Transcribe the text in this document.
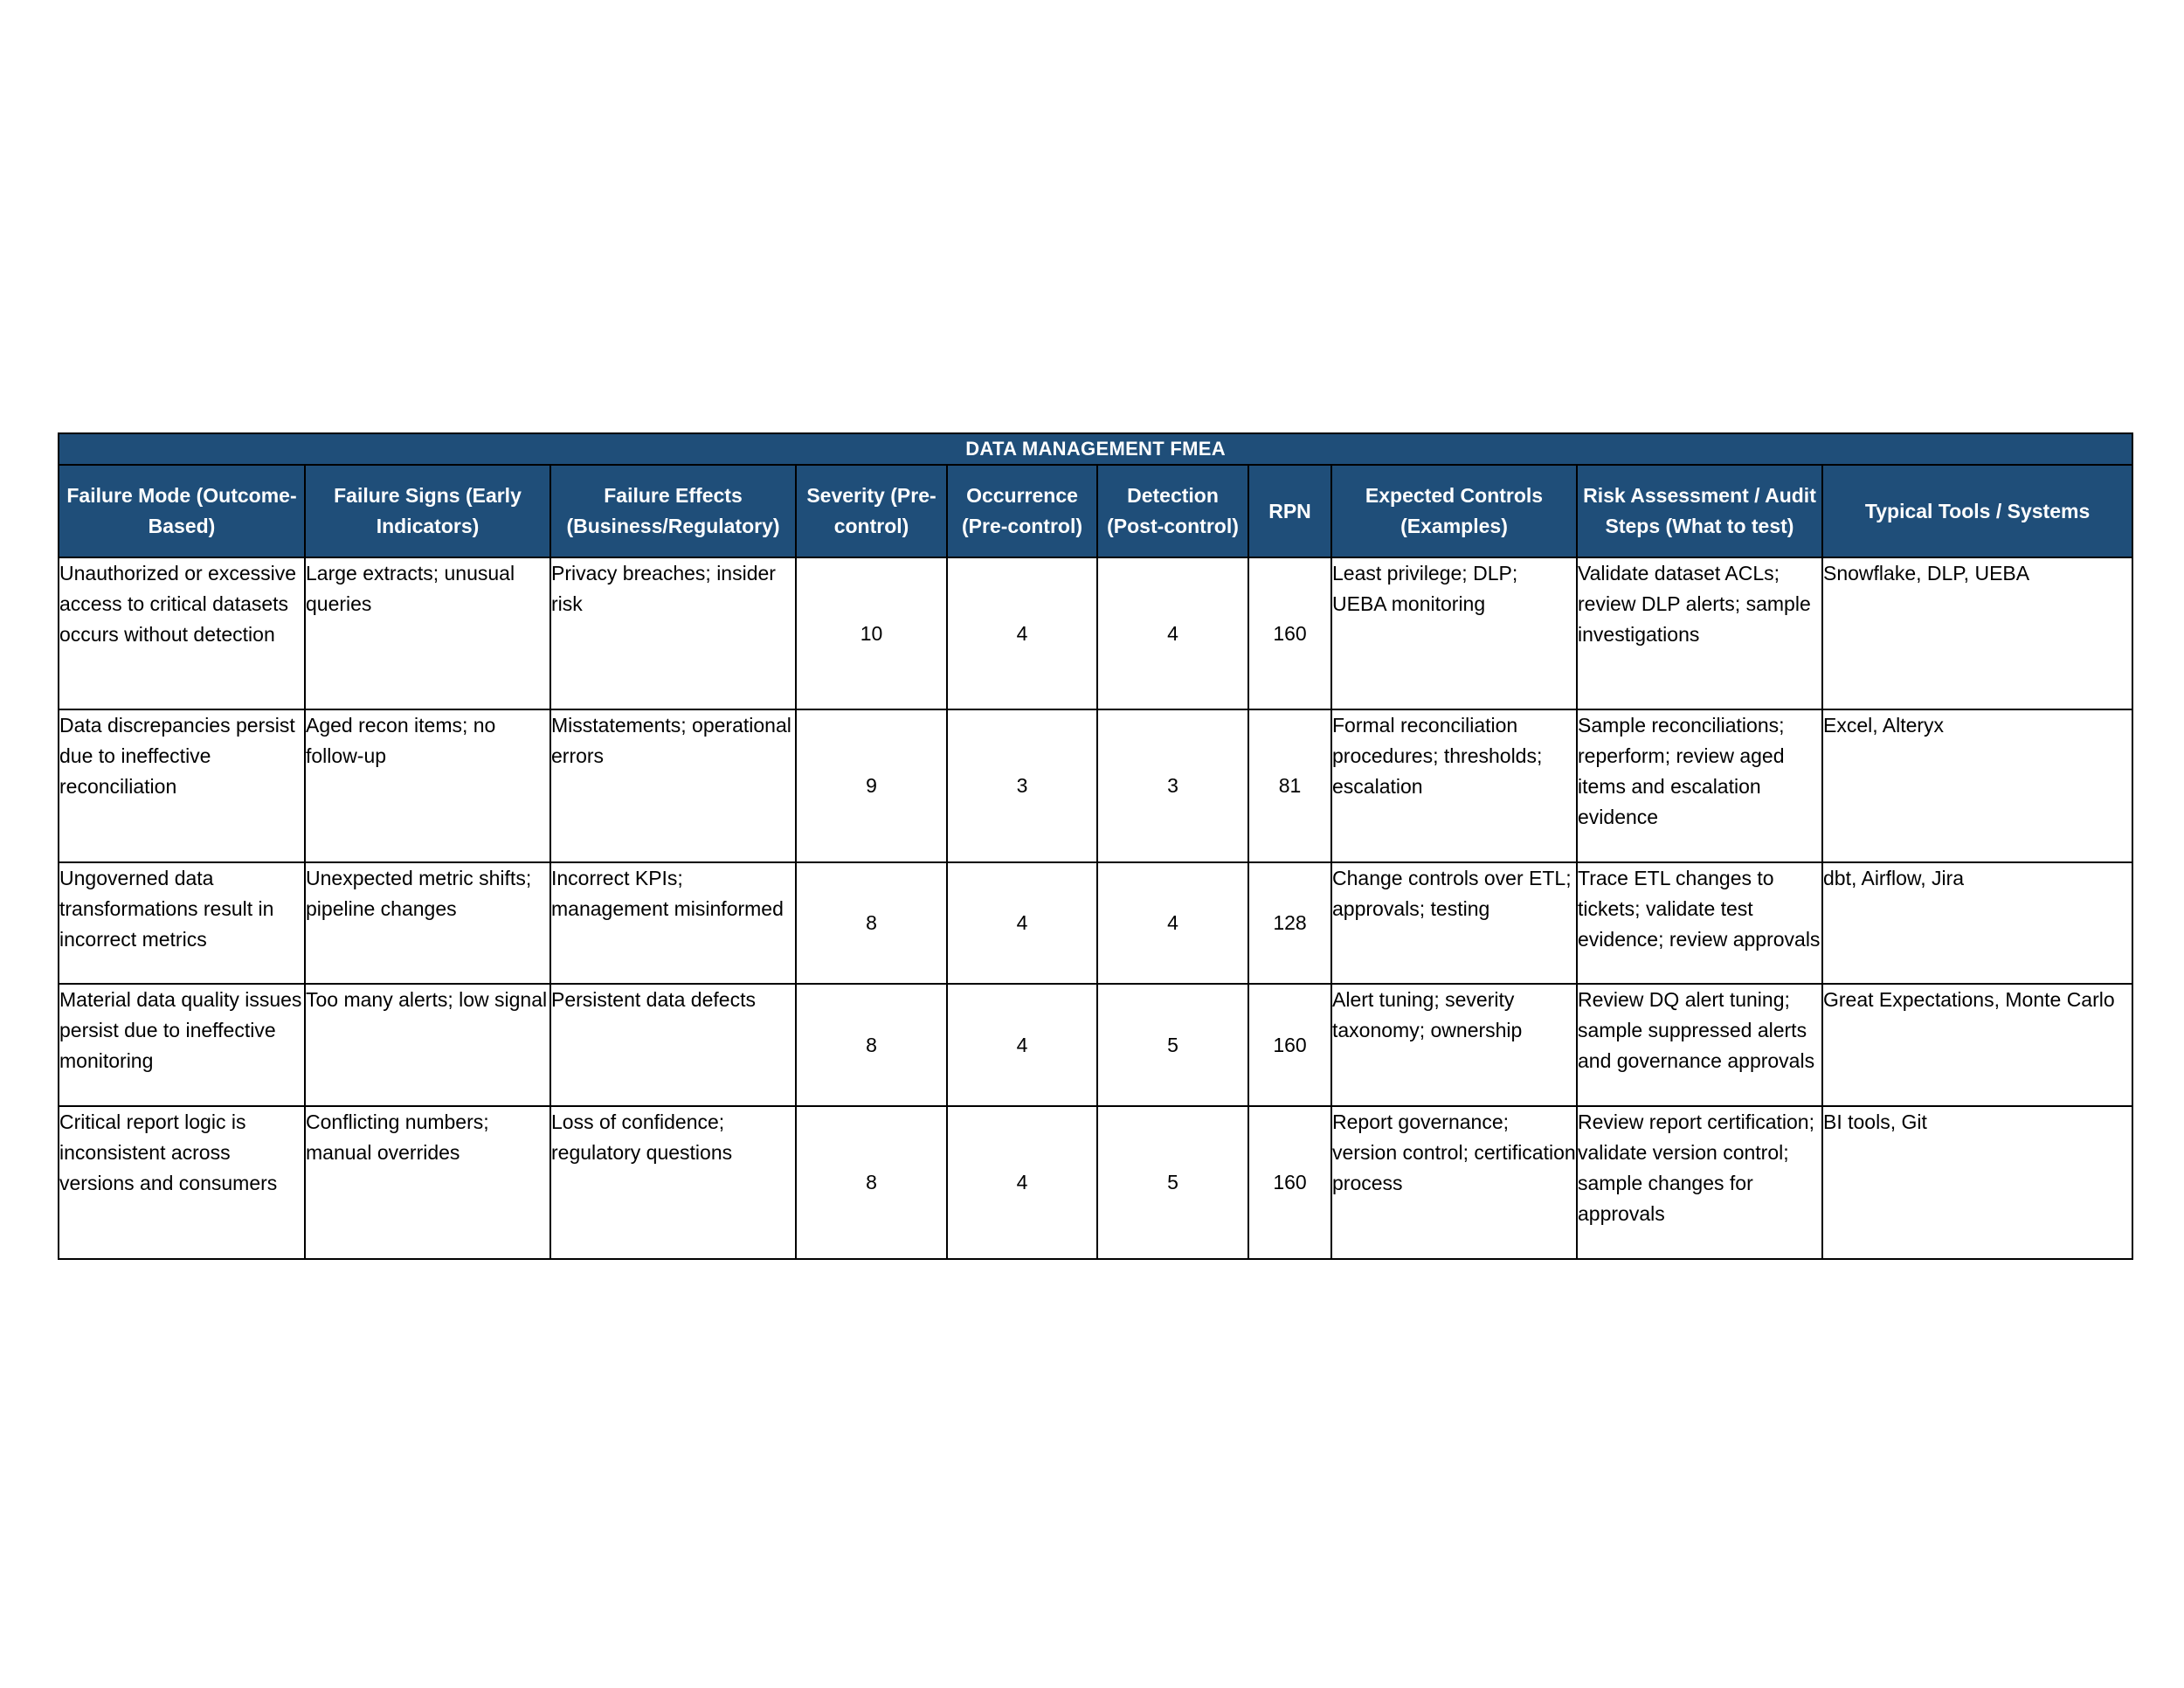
DATA MANAGEMENT FMEA									
Failure Mode (Outcome-Based)	Failure Signs (Early Indicators)	Failure Effects (Business/Regulatory)	Severity (Pre-control)	Occurrence (Pre-control)	Detection (Post-control)	RPN	Expected Controls (Examples)	Risk Assessment / Audit Steps (What to test)	Typical Tools / Systems
Unauthorized or excessive access to critical datasets occurs without detection	Large extracts; unusual queries	Privacy breaches; insider risk	10	4	4	160	Least privilege; DLP; UEBA monitoring	Validate dataset ACLs; review DLP alerts; sample investigations	Snowflake, DLP, UEBA
Data discrepancies persist due to ineffective reconciliation	Aged recon items; no follow-up	Misstatements; operational errors	9	3	3	81	Formal reconciliation procedures; thresholds; escalation	Sample reconciliations; reperform; review aged items and escalation evidence	Excel, Alteryx
Ungoverned data transformations result in incorrect metrics	Unexpected metric shifts; pipeline changes	Incorrect KPIs; management misinformed	8	4	4	128	Change controls over ETL; approvals; testing	Trace ETL changes to tickets; validate test evidence; review approvals	dbt, Airflow, Jira
Material data quality issues persist due to ineffective monitoring	Too many alerts; low signal	Persistent data defects	8	4	5	160	Alert tuning; severity taxonomy; ownership	Review DQ alert tuning; sample suppressed alerts and governance approvals	Great Expectations, Monte Carlo
Critical report logic is inconsistent across versions and consumers	Conflicting numbers; manual overrides	Loss of confidence; regulatory questions	8	4	5	160	Report governance; version control; certification process	Review report certification; validate version control; sample changes for approvals	BI tools, Git
